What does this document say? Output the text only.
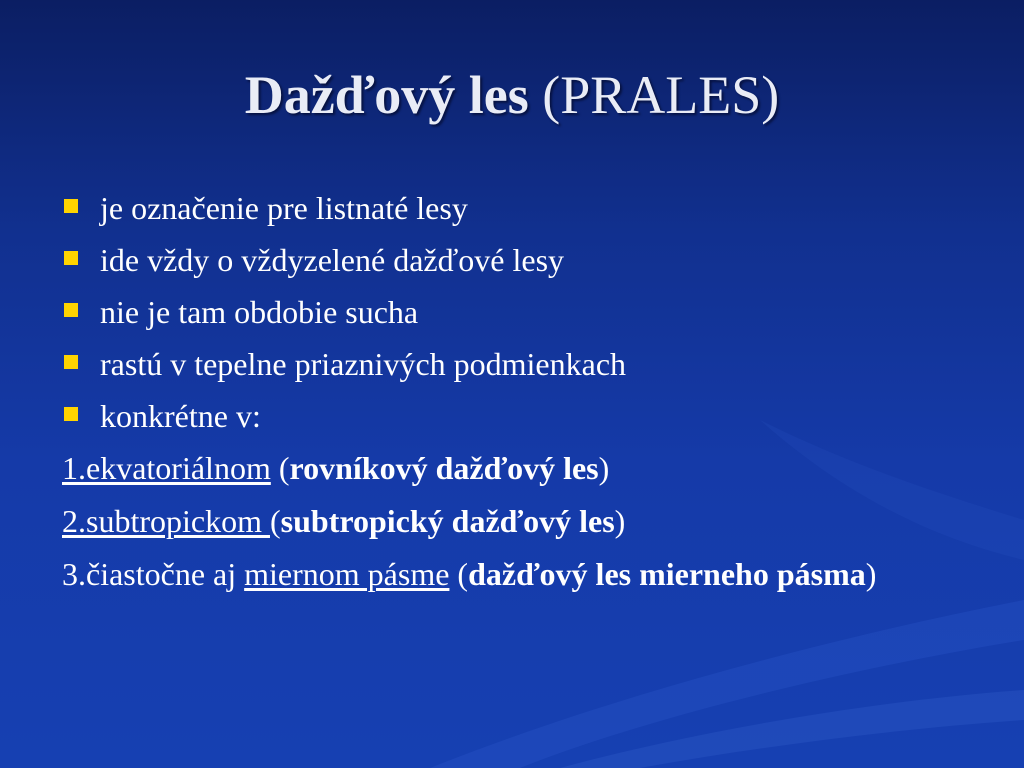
Dažďový les (PRALES)
je označenie pre listnaté lesy
ide vždy o vždyzelené dažďové lesy
nie je tam obdobie sucha
rastú v tepelne priaznivých podmienkach
konkrétne v:
1.ekvatoriálnom (rovníkový dažďový les)
2.subtropickom (subtropický dažďový les)
3.čiastočne aj miernom pásme (dažďový les mierneho pásma)
